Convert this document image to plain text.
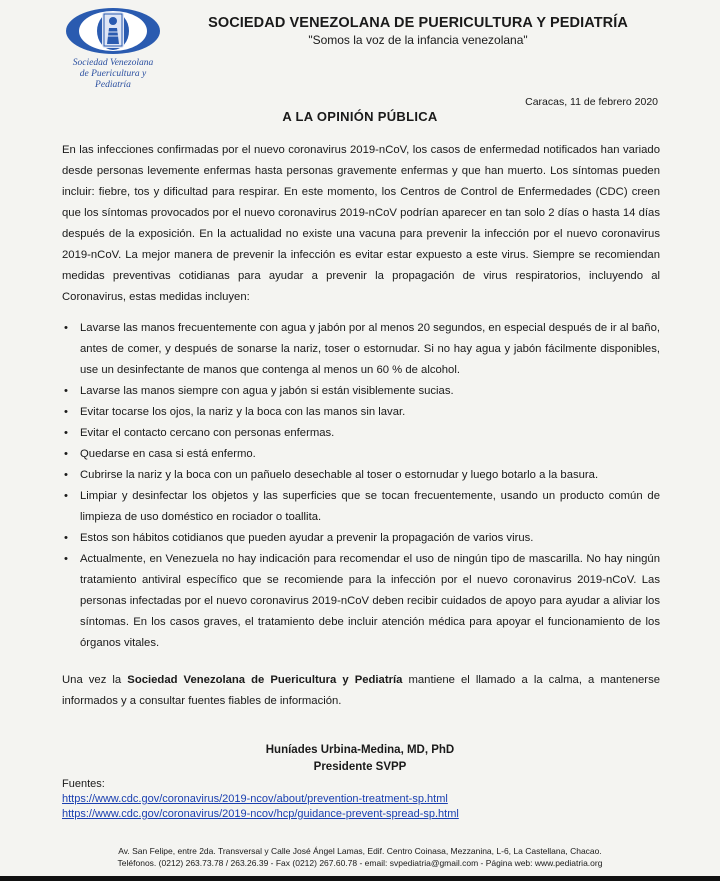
Sociedad Venezolana
de Puericultura y Pediatría
SOCIEDAD VENEZOLANA DE PUERICULTURA Y PEDIATRÍA
"Somos la voz de la infancia venezolana"
Caracas, 11 de febrero 2020
A LA OPINIÓN PÚBLICA
En las infecciones confirmadas por el nuevo coronavirus 2019-nCoV, los casos de enfermedad notificados han variado desde personas levemente enfermas hasta personas gravemente enfermas y que han muerto. Los síntomas pueden incluir: fiebre, tos y dificultad para respirar. En este momento, los Centros de Control de Enfermedades (CDC) creen que los síntomas provocados por el nuevo coronavirus 2019-nCoV podrían aparecer en tan solo 2 días o hasta 14 días después de la exposición. En la actualidad no existe una vacuna para prevenir la infección por el nuevo coronavirus 2019-nCoV. La mejor manera de prevenir la infección es evitar estar expuesto a este virus. Siempre se recomiendan medidas preventivas cotidianas para ayudar a prevenir la propagación de virus respiratorios, incluyendo al Coronavirus, estas medidas incluyen:
• Lavarse las manos frecuentemente con agua y jabón por al menos 20 segundos, en especial después de ir al baño, antes de comer, y después de sonarse la nariz, toser o estornudar. Si no hay agua y jabón fácilmente disponibles, use un desinfectante de manos que contenga al menos un 60 % de alcohol.
• Lavarse las manos siempre con agua y jabón si están visiblemente sucias.
• Evitar tocarse los ojos, la nariz y la boca con las manos sin lavar.
• Evitar el contacto cercano con personas enfermas.
• Quedarse en casa si está enfermo.
• Cubrirse la nariz y la boca con un pañuelo desechable al toser o estornudar y luego botarlo a la basura.
• Limpiar y desinfectar los objetos y las superficies que se tocan frecuentemente, usando un producto común de limpieza de uso doméstico en rociador o toallita.
• Estos son hábitos cotidianos que pueden ayudar a prevenir la propagación de varios virus.
• Actualmente, en Venezuela no hay indicación para recomendar el uso de ningún tipo de mascarilla. No hay ningún tratamiento antiviral específico que se recomiende para la infección por el nuevo coronavirus 2019-nCoV. Las personas infectadas por el nuevo coronavirus 2019-nCoV deben recibir cuidados de apoyo para ayudar a aliviar los síntomas. En los casos graves, el tratamiento debe incluir atención médica para apoyar el funcionamiento de los órganos vitales.
Una vez la Sociedad Venezolana de Puericultura y Pediatría mantiene el llamado a la calma, a mantenerse informados y a consultar fuentes fiables de información.
Huníades Urbina-Medina, MD, PhD
Presidente SVPP
Fuentes:
https://www.cdc.gov/coronavirus/2019-ncov/about/prevention-treatment-sp.html
https://www.cdc.gov/coronavirus/2019-ncov/hcp/guidance-prevent-spread-sp.html
Av. San Felipe, entre 2da. Transversal y Calle José Ángel Lamas, Edif. Centro Coinasa, Mezzanina, L-6, La Castellana, Chacao.
Teléfonos. (0212) 263.73.78 / 263.26.39 - Fax (0212) 267.60.78 - email: svpediatria@gmail.com - Página web: www.pediatria.org
